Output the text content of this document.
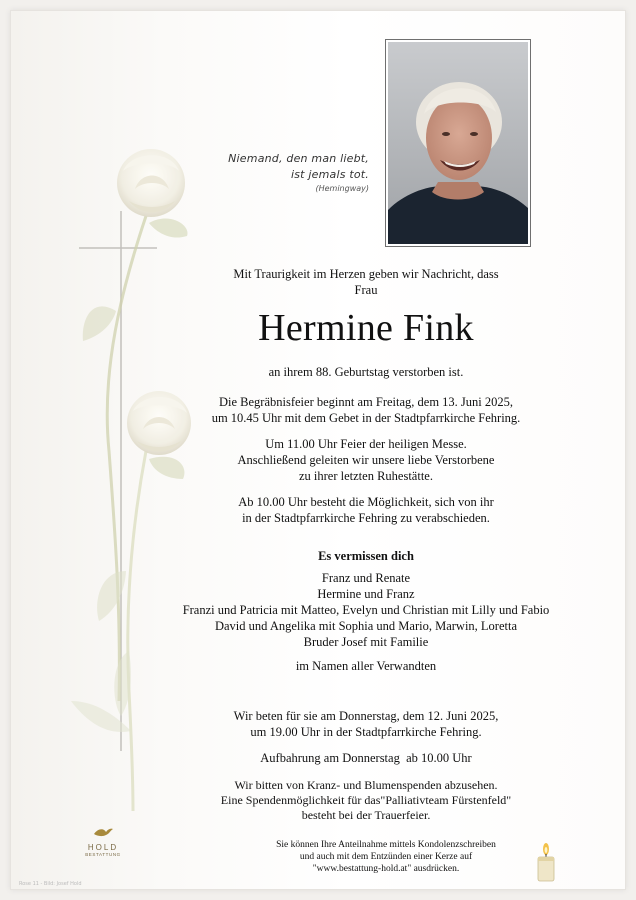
Niemand, den man liebt,
ist jemals tot.
(Hemingway)
Mit Traurigkeit im Herzen geben wir Nachricht, dass
Frau
Hermine Fink
an ihrem 88. Geburtstag verstorben ist.
Die Begräbnisfeier beginnt am Freitag, dem 13. Juni 2025,
um 10.45 Uhr mit dem Gebet in der Stadtpfarrkirche Fehring.
Um 11.00 Uhr Feier der heiligen Messe.
Anschließend geleiten wir unsere liebe Verstorbene
zu ihrer letzten Ruhestätte.
Ab 10.00 Uhr besteht die Möglichkeit, sich von ihr
in der Stadtpfarrkirche Fehring zu verabschieden.
Es vermissen dich
Franz und Renate
Hermine und Franz
Franzi und Patricia mit Matteo, Evelyn und Christian mit Lilly und Fabio
David und Angelika mit Sophia und Mario, Marwin, Loretta
Bruder Josef mit Familie
im Namen aller Verwandten
Wir beten für sie am Donnerstag, dem 12. Juni 2025,
um 19.00 Uhr in der Stadtpfarrkirche Fehring.
Aufbahrung am Donnerstag  ab 10.00 Uhr
Wir bitten von Kranz- und Blumenspenden abzusehen.
Eine Spendenmöglichkeit für das"Palliativteam Fürstenfeld"
besteht bei der Trauerfeier.
HOLD
BESTATTUNG
Sie können Ihre Anteilnahme mittels Kondolenzschreiben
und auch mit dem Entzünden einer Kerze auf
"www.bestattung-hold.at" ausdrücken.
Rose 11 - Bild: Josef Hold
